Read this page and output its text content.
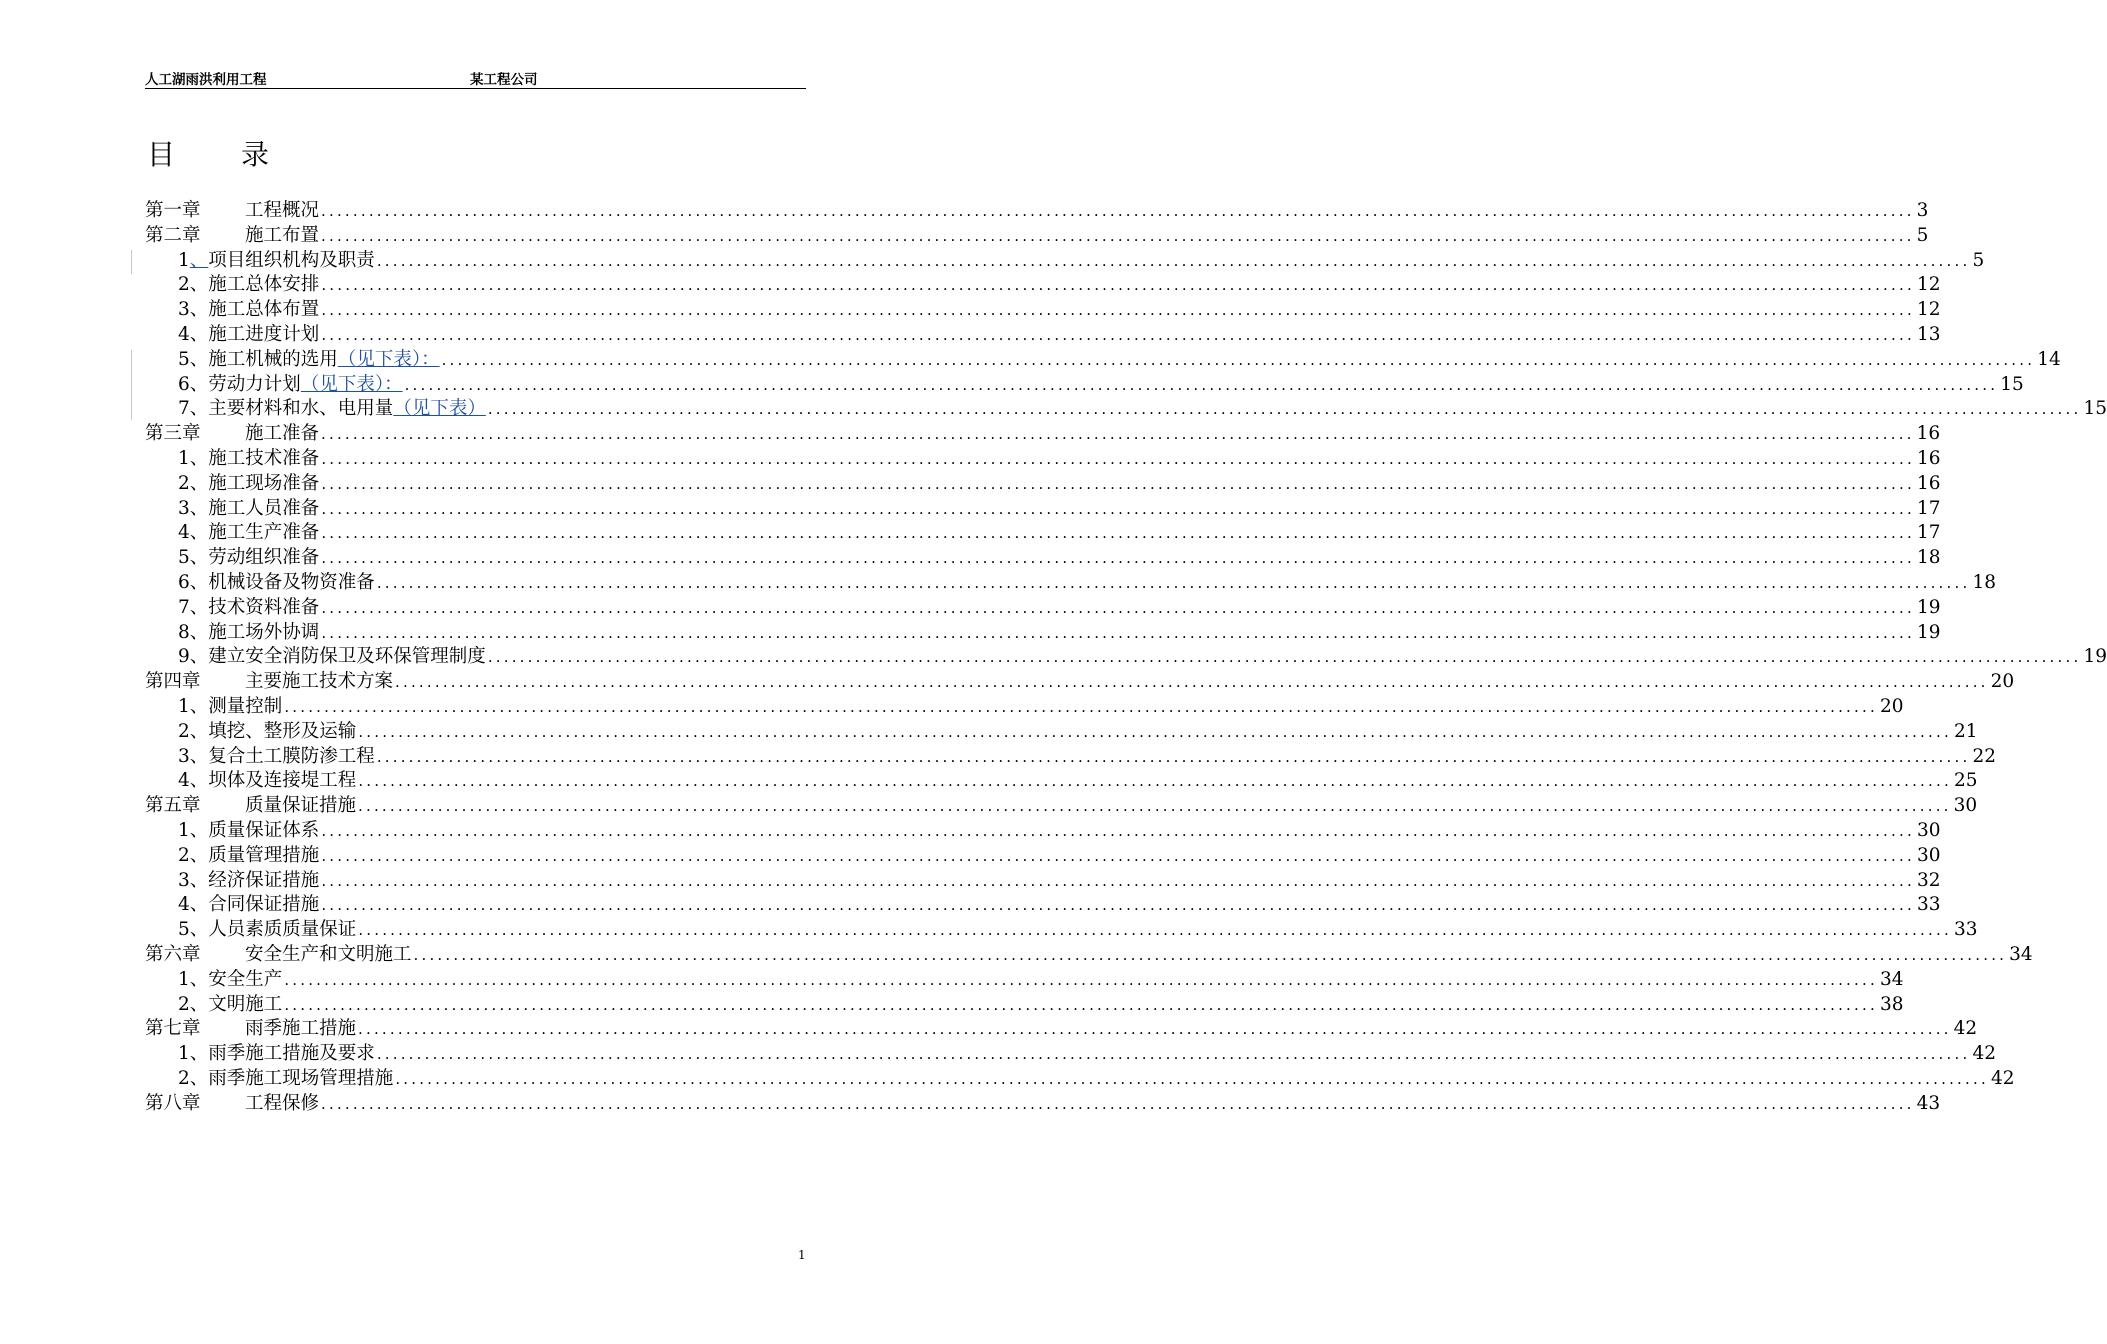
人工湖雨洪利用工程	某工程公司
目 录
第一章 工程概况 ........................................................................................................................................................................................................ 3
第二章 施工布置 ........................................................................................................................................................................................................ 5
1、项目组织机构及职责 ........................................................................................................................................................................................................ 5
2、施工总体安排 ........................................................................................................................................................................................................ 12
3、施工总体布置 ........................................................................................................................................................................................................ 12
4、施工进度计划 ........................................................................................................................................................................................................ 13
5、施工机械的选用（见下表）： ........................................................................................................................................................................................................ 14
6、劳动力计划（见下表）： ........................................................................................................................................................................................................ 15
7、主要材料和水、电用量（见下表） ........................................................................................................................................................................................................ 15
第三章 施工准备 ........................................................................................................................................................................................................ 16
1、施工技术准备 ........................................................................................................................................................................................................ 16
2、施工现场准备 ........................................................................................................................................................................................................ 16
3、施工人员准备 ........................................................................................................................................................................................................ 17
4、施工生产准备 ........................................................................................................................................................................................................ 17
5、劳动组织准备 ........................................................................................................................................................................................................ 18
6、机械设备及物资准备 ........................................................................................................................................................................................................ 18
7、技术资料准备 ........................................................................................................................................................................................................ 19
8、施工场外协调 ........................................................................................................................................................................................................ 19
9、建立安全消防保卫及环保管理制度 ........................................................................................................................................................................................................ 19
第四章 主要施工技术方案 ........................................................................................................................................................................................................ 20
1、测量控制 ........................................................................................................................................................................................................ 20
2、填挖、整形及运输 ........................................................................................................................................................................................................ 21
3、复合土工膜防渗工程 ........................................................................................................................................................................................................ 22
4、坝体及连接堤工程 ........................................................................................................................................................................................................ 25
第五章 质量保证措施 ........................................................................................................................................................................................................ 30
1、质量保证体系 ........................................................................................................................................................................................................ 30
2、质量管理措施 ........................................................................................................................................................................................................ 30
3、经济保证措施 ........................................................................................................................................................................................................ 32
4、合同保证措施 ........................................................................................................................................................................................................ 33
5、人员素质质量保证 ........................................................................................................................................................................................................ 33
第六章 安全生产和文明施工 ........................................................................................................................................................................................................ 34
1、安全生产 ........................................................................................................................................................................................................ 34
2、文明施工 ........................................................................................................................................................................................................ 38
第七章 雨季施工措施 ........................................................................................................................................................................................................ 42
1、雨季施工措施及要求 ........................................................................................................................................................................................................ 42
2、雨季施工现场管理措施 ........................................................................................................................................................................................................ 42
第八章 工程保修 ........................................................................................................................................................................................................ 43
1
